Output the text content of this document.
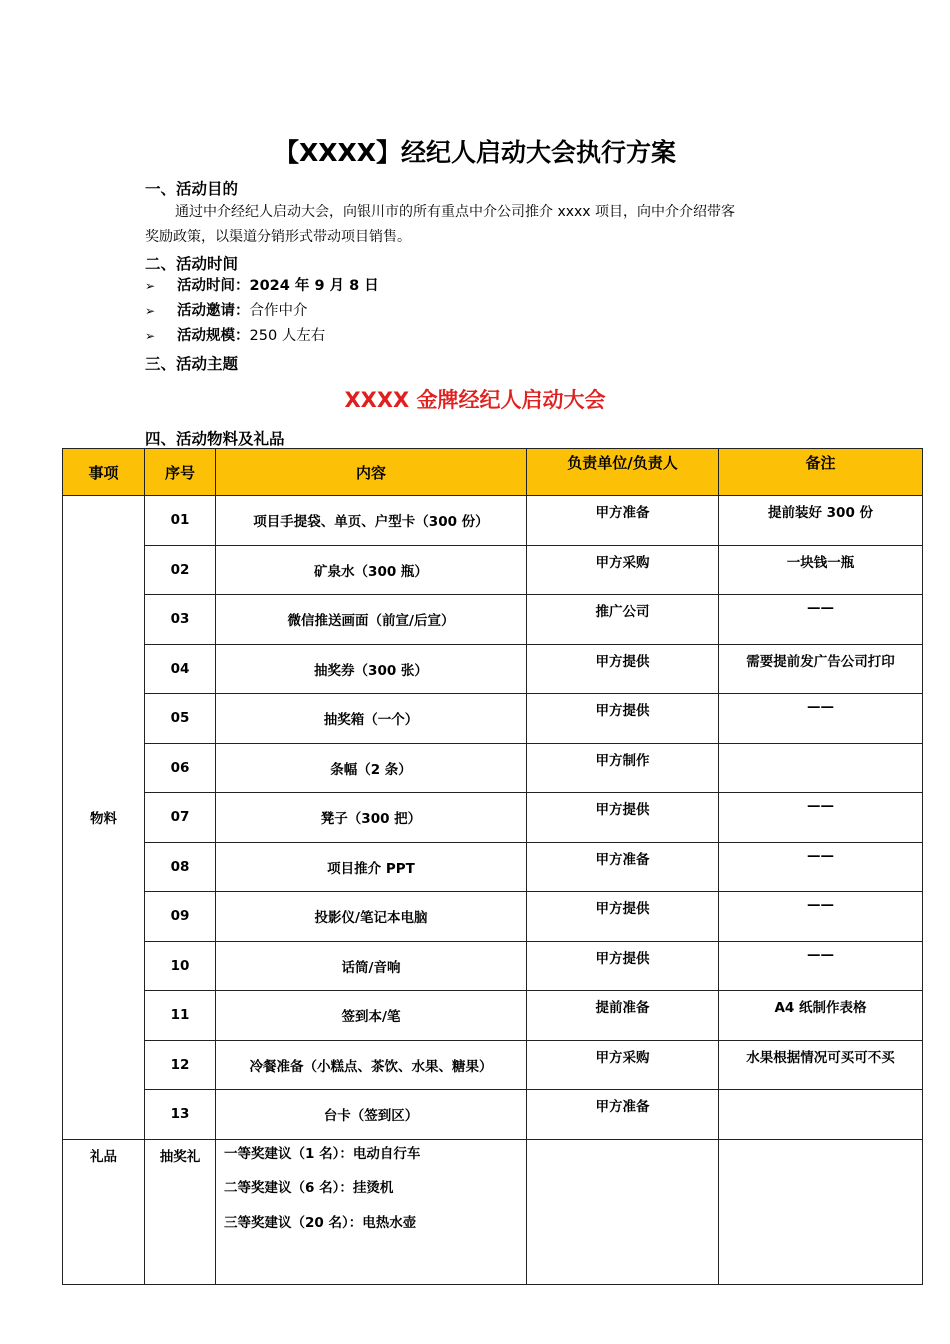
【XXXX】经纪人启动大会执行方案
一、活动目的
通过中介经纪人启动大会，向银川市的所有重点中介公司推介 xxxx 项目，向中介介绍带客
奖励政策，以渠道分销形式带动项目销售。
二、活动时间
➢ 活动时间：2024 年 9 月 8 日
➢ 活动邀请：合作中介
➢ 活动规模：250 人左右
三、活动主题
XXXX 金牌经纪人启动大会
四、活动物料及礼品
事项	序号	内容	负责单位/负责人	备注
物料	01	项目手提袋、单页、户型卡（300 份）	甲方准备	提前装好 300 份
	02	矿泉水（300 瓶）	甲方采购	一块钱一瓶
	03	微信推送画面（前宣/后宣）	推广公司	——
	04	抽奖券（300 张）	甲方提供	需要提前发广告公司打印
	05	抽奖箱（一个）	甲方提供	——
	06	条幅（2 条）	甲方制作	
	07	凳子（300 把）	甲方提供	——
	08	项目推介 PPT	甲方准备	——
	09	投影仪/笔记本电脑	甲方提供	——
	10	话筒/音响	甲方提供	——
	11	签到本/笔	提前准备	A4 纸制作表格
	12	冷餐准备（小糕点、茶饮、水果、糖果）	甲方采购	水果根据情况可买可不买
	13	台卡（签到区）	甲方准备	
礼品	抽奖礼	一等奖建议（1 名）：电动自行车
二等奖建议（6 名）：挂烫机
三等奖建议（20 名）：电热水壶		
